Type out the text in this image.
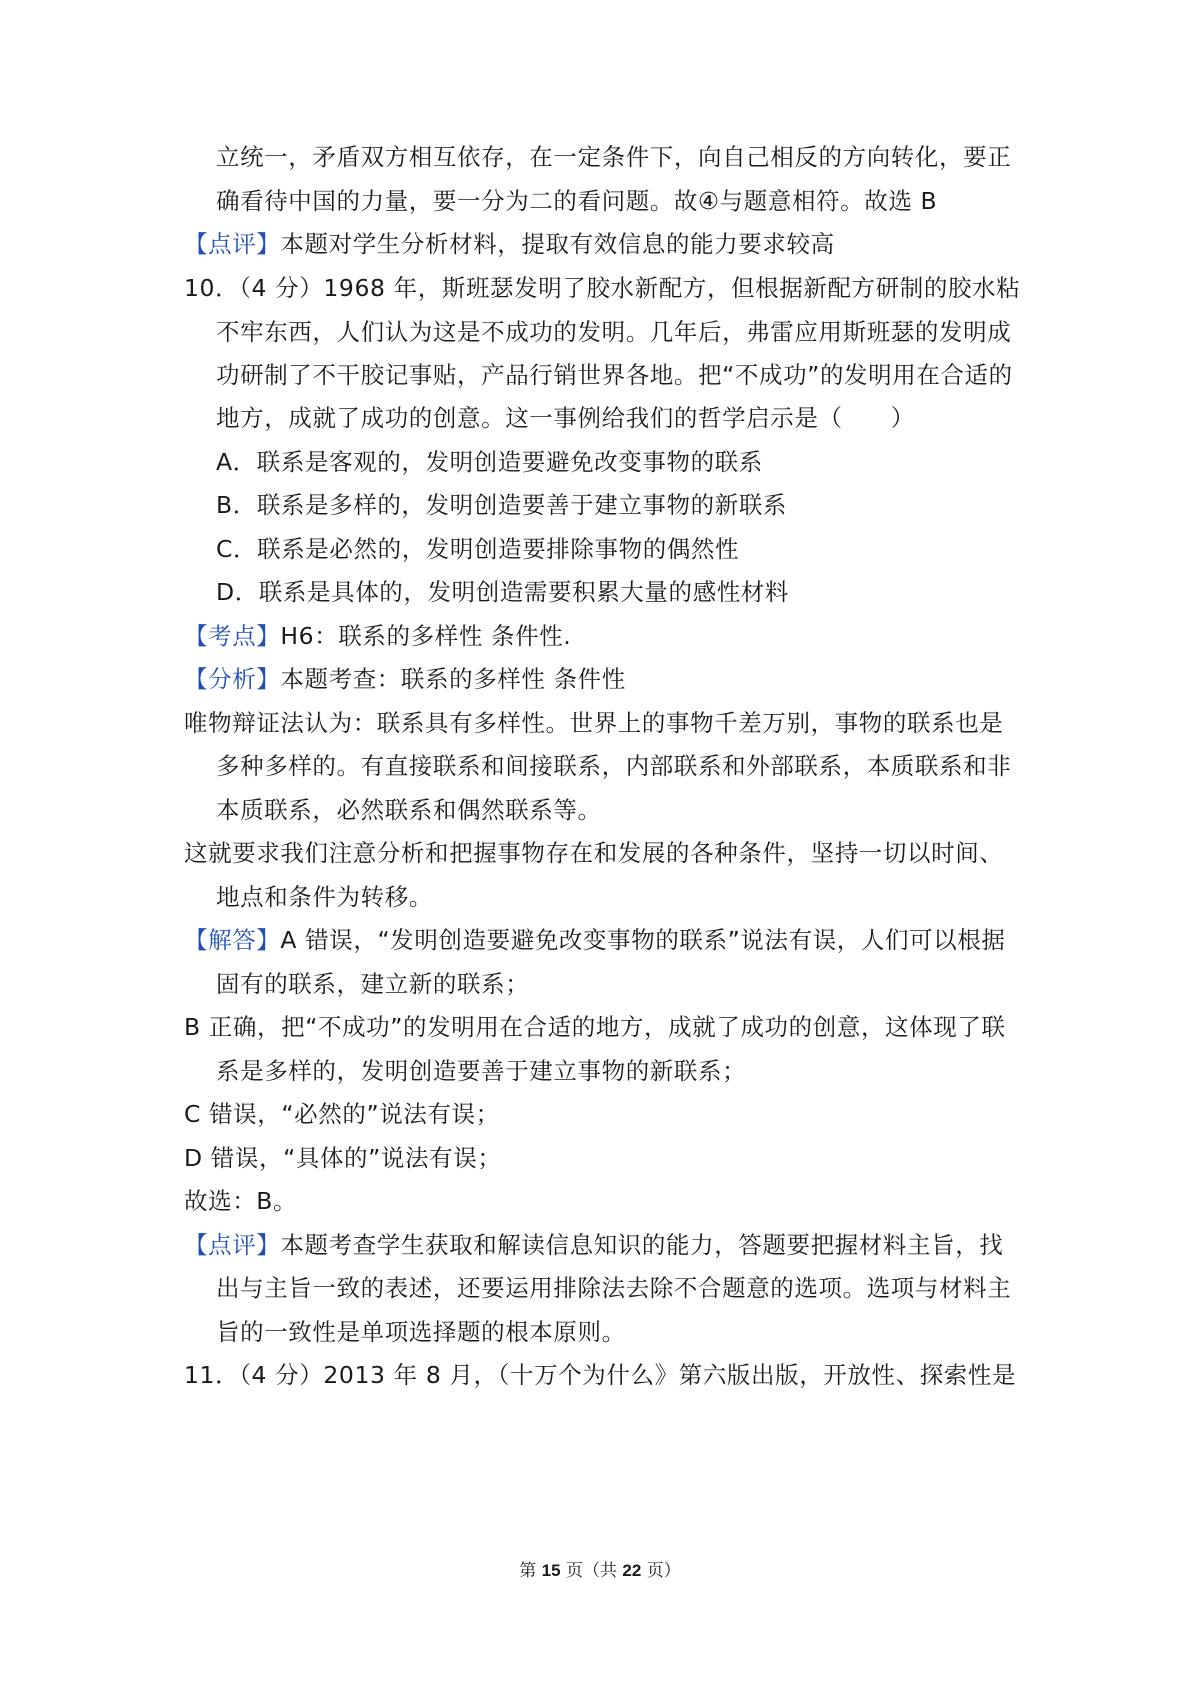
立统一，矛盾双方相互依存，在一定条件下，向自己相反的方向转化，要正
确看待中国的力量，要一分为二的看问题。故④与题意相符。故选 B
【点评】本题对学生分析材料，提取有效信息的能力要求较高
10．（4 分）1968 年，斯班瑟发明了胶水新配方，但根据新配方研制的胶水粘
不牢东西，人们认为这是不成功的发明。几年后，弗雷应用斯班瑟的发明成
功研制了不干胶记事贴，产品行销世界各地。把“不成功”的发明用在合适的
地方，成就了成功的创意。这一事例给我们的哲学启示是（　　）
A．联系是客观的，发明创造要避免改变事物的联系
B．联系是多样的，发明创造要善于建立事物的新联系
C．联系是必然的，发明创造要排除事物的偶然性
D．联系是具体的，发明创造需要积累大量的感性材料
【考点】H6：联系的多样性 条件性.
【分析】本题考查：联系的多样性 条件性
唯物辩证法认为：联系具有多样性。世界上的事物千差万别，事物的联系也是
多种多样的。有直接联系和间接联系，内部联系和外部联系，本质联系和非
本质联系，必然联系和偶然联系等。
这就要求我们注意分析和把握事物存在和发展的各种条件，坚持一切以时间、
地点和条件为转移。
【解答】A 错误，“发明创造要避免改变事物的联系”说法有误，人们可以根据
固有的联系，建立新的联系；
B 正确，把“不成功”的发明用在合适的地方，成就了成功的创意，这体现了联
系是多样的，发明创造要善于建立事物的新联系；
C 错误，“必然的”说法有误；
D 错误，“具体的”说法有误；
故选：B。
【点评】本题考查学生获取和解读信息知识的能力，答题要把握材料主旨，找
出与主旨一致的表述，还要运用排除法去除不合题意的选项。选项与材料主
旨的一致性是单项选择题的根本原则。
11．（4 分）2013 年 8 月，（十万个为什么》第六版出版，开放性、探索性是
第 15 页（共 22 页）
